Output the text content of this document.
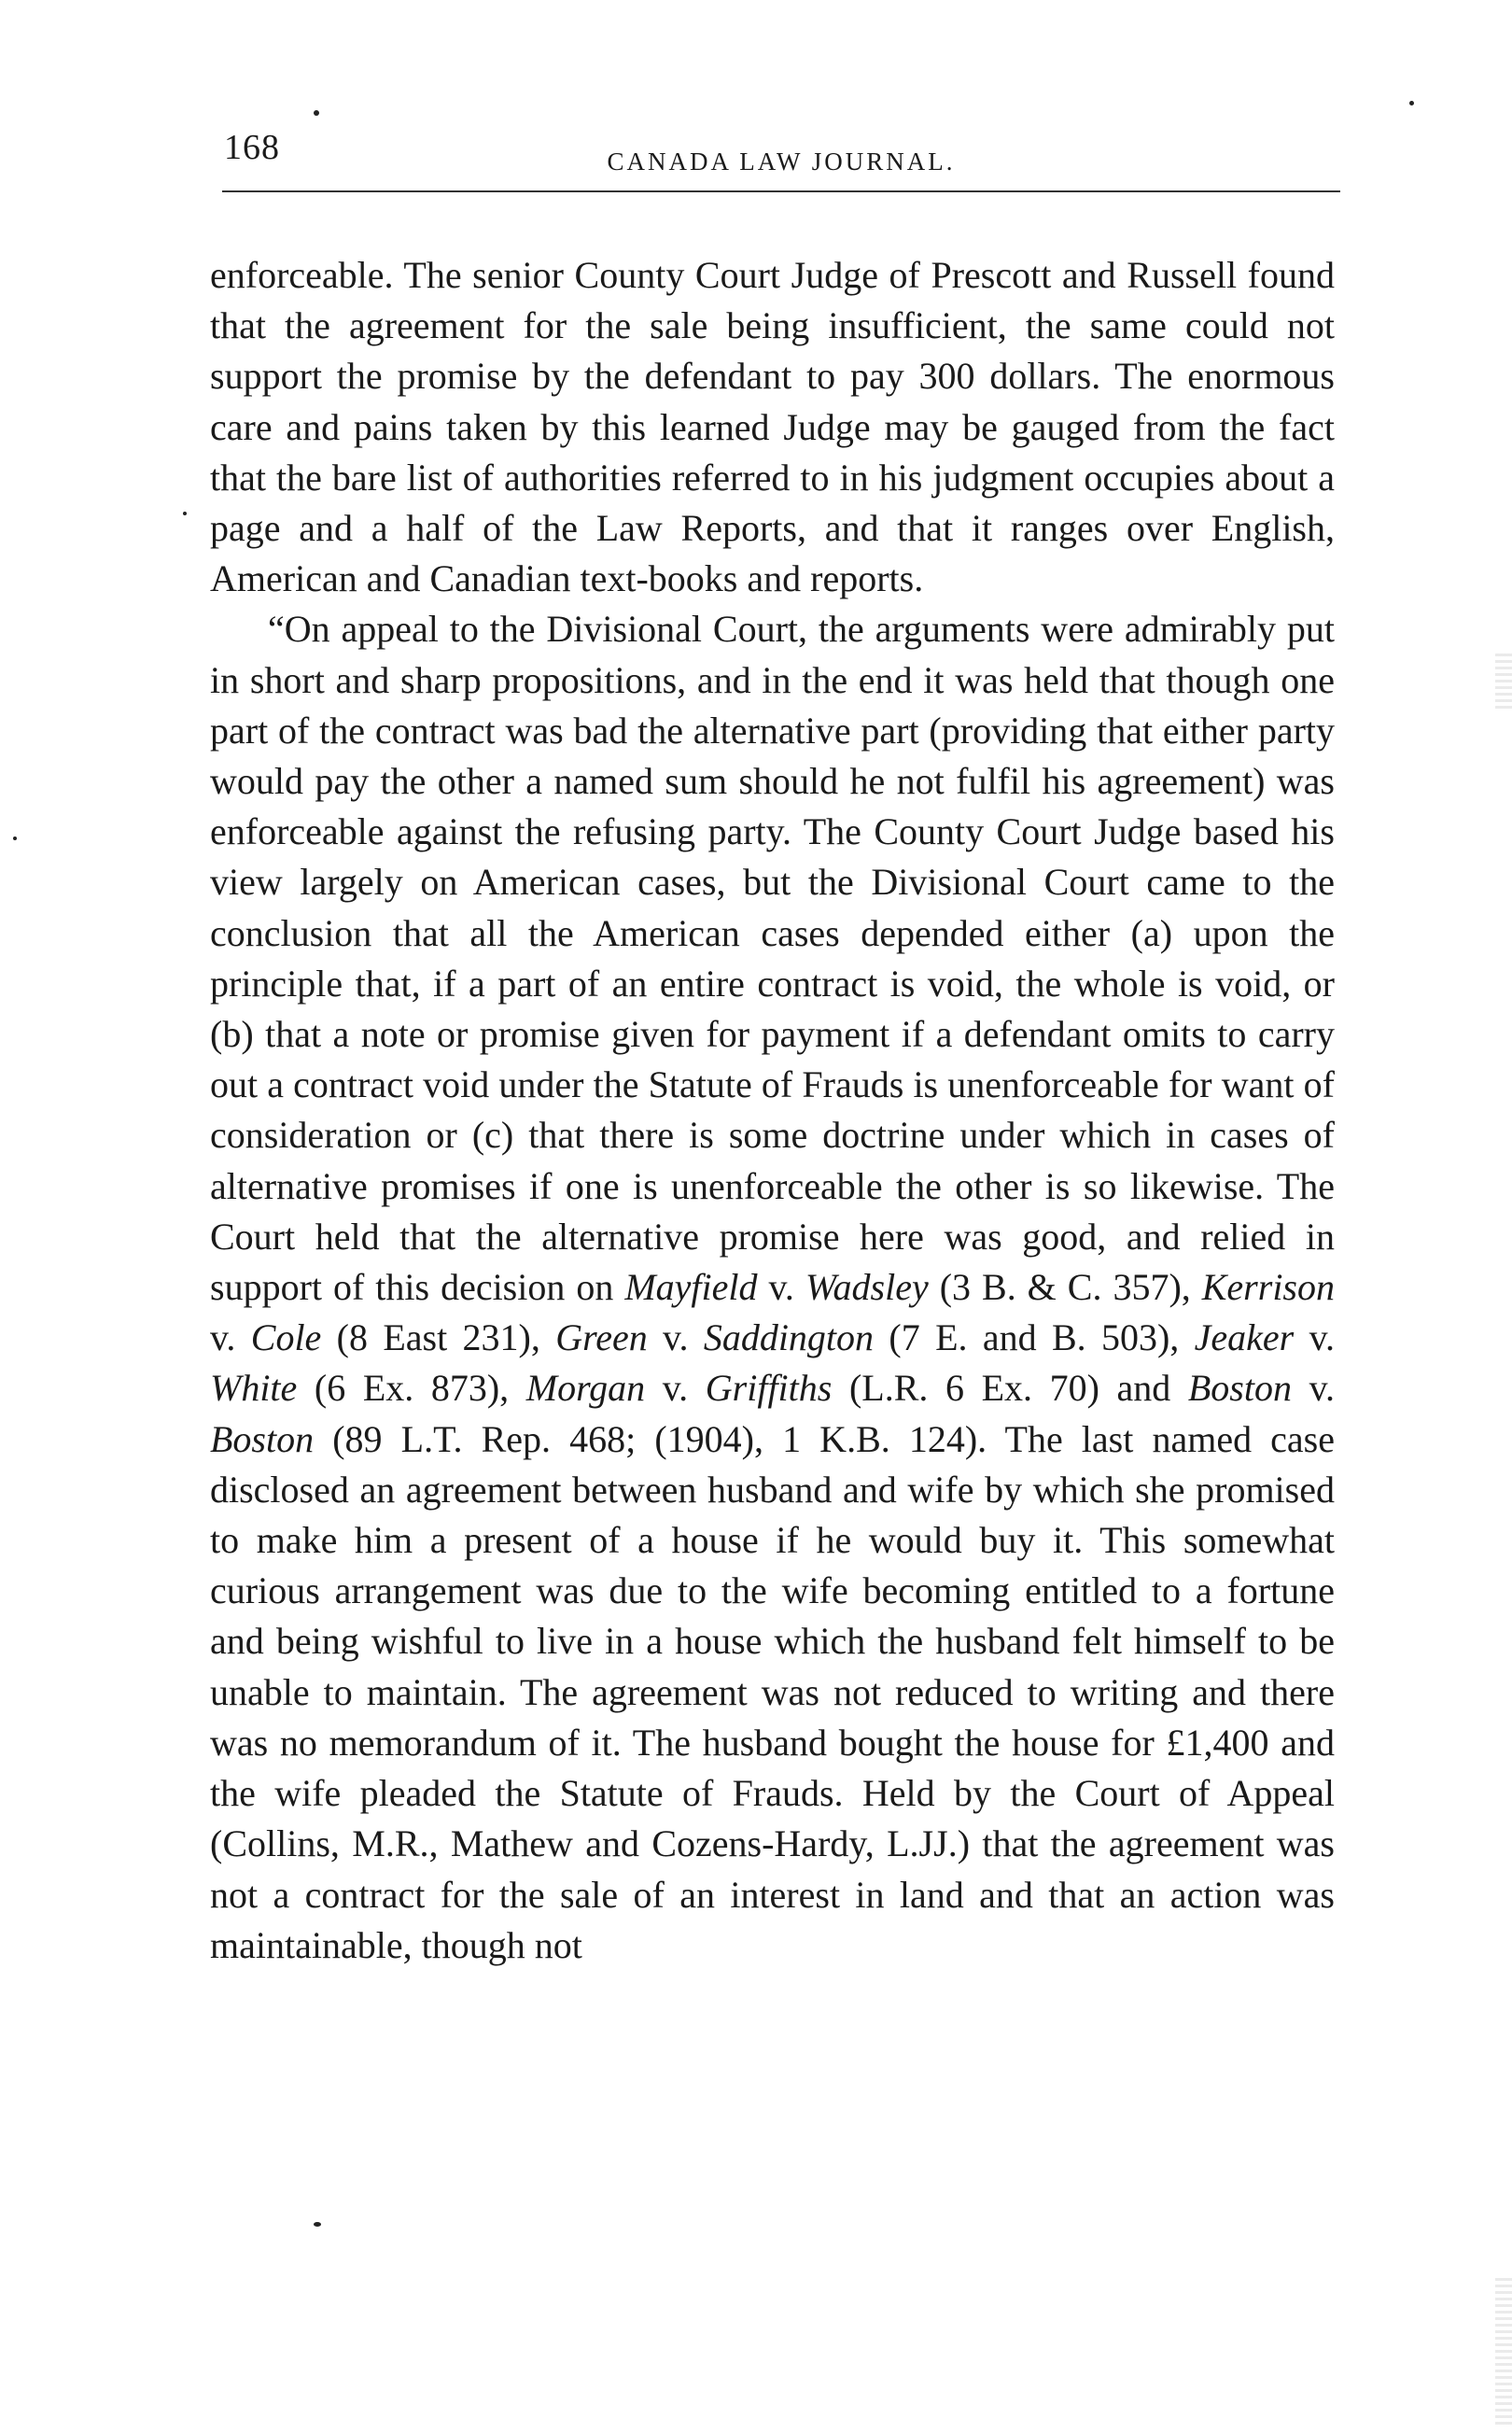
168	CANADA LAW JOURNAL.

enforceable. The senior County Court Judge of Prescott and Russell found that the agreement for the sale being insufficient, the same could not support the promise by the defendant to pay 300 dollars. The enormous care and pains taken by this learned Judge may be gauged from the fact that the bare list of authorities referred to in his judgment occupies about a page and a half of the Law Reports, and that it ranges over English, American and Canadian text-books and reports.

“On appeal to the Divisional Court, the arguments were admirably put in short and sharp propositions, and in the end it was held that though one part of the contract was bad the alternative part (providing that either party would pay the other a named sum should he not fulfil his agreement) was enforceable against the refusing party. The County Court Judge based his view largely on American cases, but the Divisional Court came to the conclusion that all the American cases depended either (a) upon the principle that, if a part of an entire contract is void, the whole is void, or (b) that a note or promise given for payment if a defendant omits to carry out a contract void under the Statute of Frauds is unenforceable for want of consideration or (c) that there is some doctrine under which in cases of alternative promises if one is unenforceable the other is so likewise. The Court held that the alternative promise here was good, and relied in support of this decision on Mayfield v. Wadsley (3 B. & C. 357), Kerrison v. Cole (8 East 231), Green v. Saddington (7 E. and B. 503), Jeaker v. White (6 Ex. 873), Morgan v. Griffiths (L.R. 6 Ex. 70) and Boston v. Boston (89 L.T. Rep. 468; (1904), 1 K.B. 124). The last named case disclosed an agreement between husband and wife by which she promised to make him a present of a house if he would buy it. This somewhat curious arrangement was due to the wife becoming entitled to a fortune and being wishful to live in a house which the husband felt himself to be unable to maintain. The agreement was not reduced to writing and there was no memorandum of it. The husband bought the house for £1,400 and the wife pleaded the Statute of Frauds. Held by the Court of Appeal (Collins, M.R., Mathew and Cozens-Hardy, L.JJ.) that the agreement was not a contract for the sale of an interest in land and that an action was maintainable, though not
